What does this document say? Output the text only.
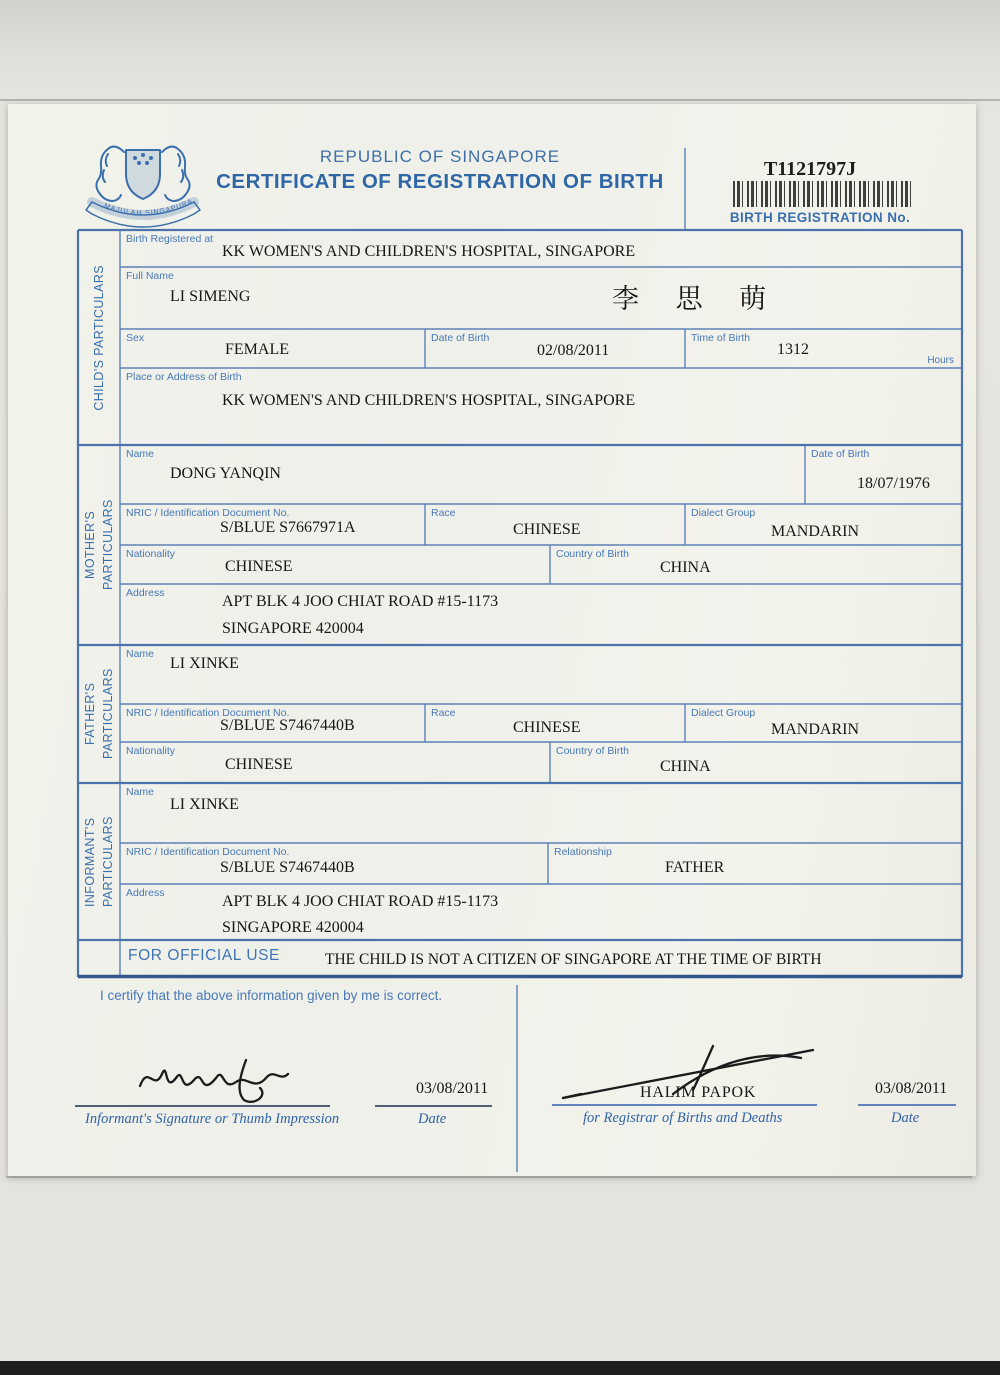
MAJULAH SINGAPURA
REPUBLIC OF SINGAPORE
CERTIFICATE OF REGISTRATION OF BIRTH
T1121797J
BIRTH REGISTRATION No.
CHILD'S PARTICULARS
MOTHER'S PARTICULARS
FATHER'S PARTICULARS
INFORMANT'S PARTICULARS
Birth Registered at
KK WOMEN'S AND CHILDREN'S HOSPITAL, SINGAPORE
Full Name
LI SIMENG	李 思 萌
Sex
FEMALE
Date of Birth
02/08/2011
Time of Birth
1312
Hours
Place or Address of Birth
KK WOMEN'S AND CHILDREN'S HOSPITAL, SINGAPORE
Name
DONG YANQIN
Date of Birth
18/07/1976
NRIC / Identification Document No.
S/BLUE S7667971A
Race
CHINESE
Dialect Group
MANDARIN
Nationality
CHINESE
Country of Birth
CHINA
Address	APT BLK 4 JOO CHIAT ROAD #15-1173
SINGAPORE 420004
Name
LI XINKE
NRIC / Identification Document No.
S/BLUE S7467440B
Race
CHINESE
Dialect Group
MANDARIN
Nationality
CHINESE
Country of Birth
CHINA
Name
LI XINKE
NRIC / Identification Document No.
S/BLUE S7467440B
Relationship
FATHER
Address	APT BLK 4 JOO CHIAT ROAD #15-1173
SINGAPORE 420004
FOR OFFICIAL USE	THE CHILD IS NOT A CITIZEN OF SINGAPORE AT THE TIME OF BIRTH
I certify that the above information given by me is correct.
Informant's Signature or Thumb Impression
03/08/2011
Date
HALIM PAPOK
for Registrar of Births and Deaths
03/08/2011
Date
